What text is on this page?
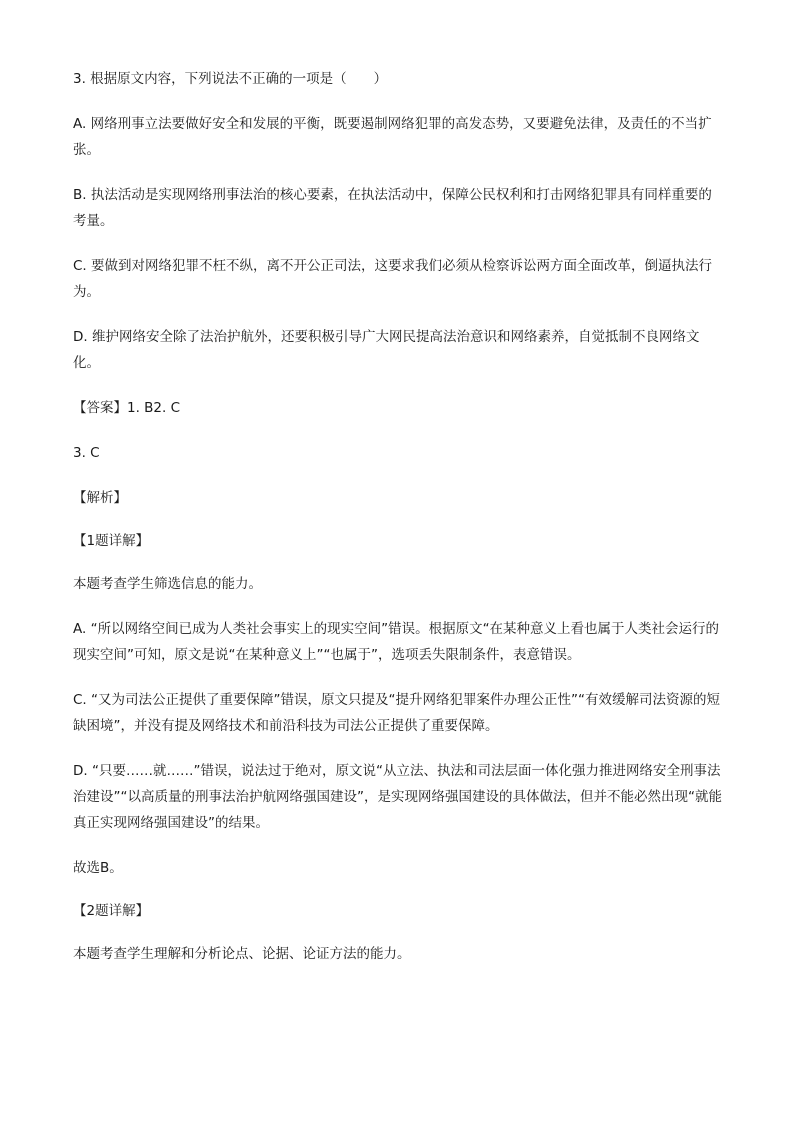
3. 根据原文内容，下列说法不正确的一项是（　　）

A. 网络刑事立法要做好安全和发展的平衡，既要遏制网络犯罪的高发态势，又要避免法律，及责任的不当扩张。

B. 执法活动是实现网络刑事法治的核心要素，在执法活动中，保障公民权利和打击网络犯罪具有同样重要的考量。

C. 要做到对网络犯罪不枉不纵，离不开公正司法，这要求我们必须从检察诉讼两方面全面改革，倒逼执法行为。

D. 维护网络安全除了法治护航外，还要积极引导广大网民提高法治意识和网络素养，自觉抵制不良网络文化。

【答案】1. B2. C

3. C

【解析】

【1题详解】

本题考查学生筛选信息的能力。

A. “所以网络空间已成为人类社会事实上的现实空间”错误。根据原文“在某种意义上看也属于人类社会运行的现实空间”可知，原文是说“在某种意义上”“也属于”，选项丢失限制条件，表意错误。

C. “又为司法公正提供了重要保障”错误，原文只提及“提升网络犯罪案件办理公正性”“有效缓解司法资源的短缺困境”，并没有提及网络技术和前沿科技为司法公正提供了重要保障。

D. “只要……就……”错误，说法过于绝对，原文说“从立法、执法和司法层面一体化强力推进网络安全刑事法治建设”“以高质量的刑事法治护航网络强国建设”，是实现网络强国建设的具体做法，但并不能必然出现“就能真正实现网络强国建设”的结果。

故选B。

【2题详解】

本题考查学生理解和分析论点、论据、论证方法的能力。
